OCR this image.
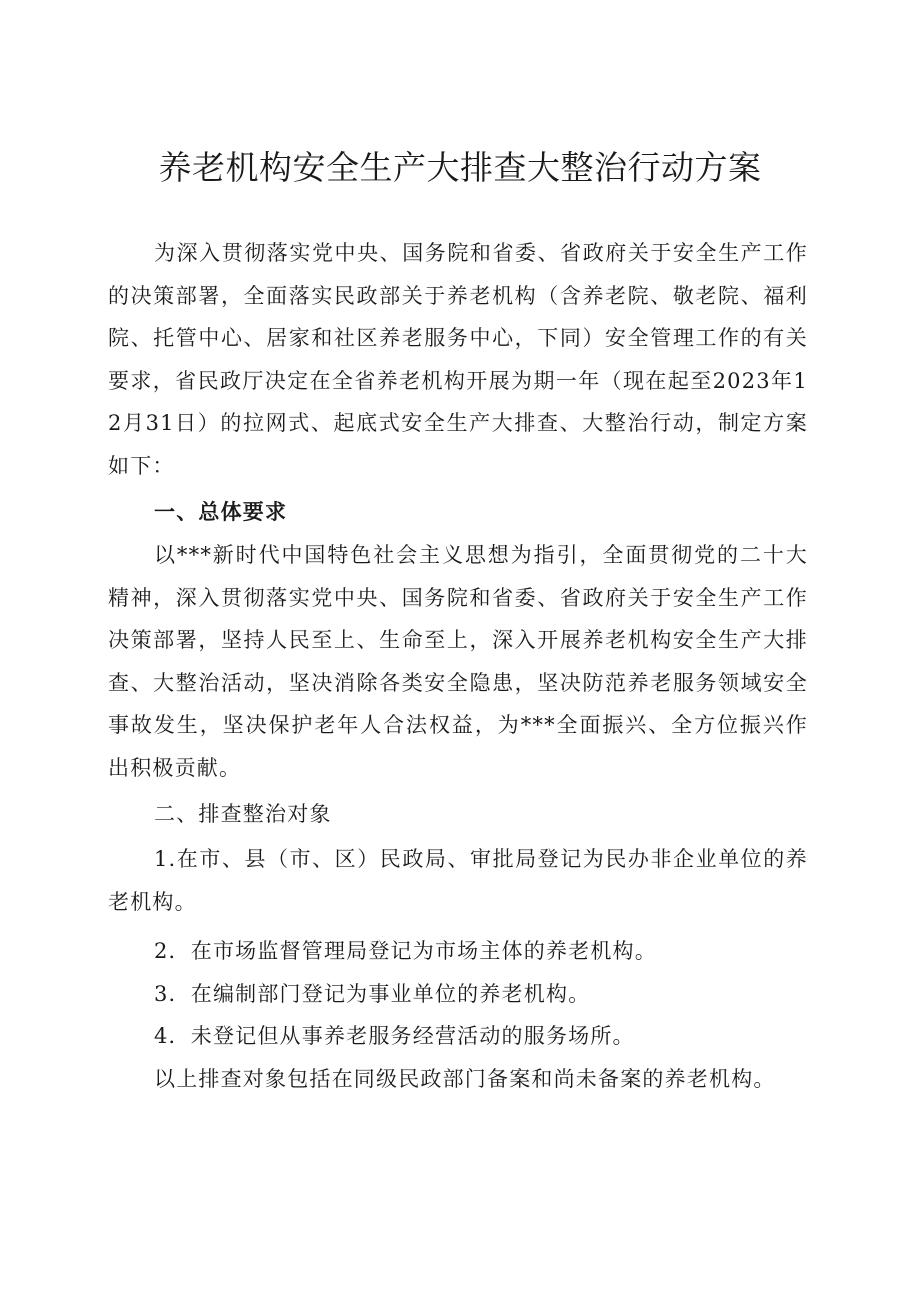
养老机构安全生产大排查大整治行动方案

为深入贯彻落实党中央、国务院和省委、省政府关于安全生产工作的决策部署，全面落实民政部关于养老机构（含养老院、敬老院、福利院、托管中心、居家和社区养老服务中心，下同）安全管理工作的有关要求，省民政厅决定在全省养老机构开展为期一年（现在起至2023年12月31日）的拉网式、起底式安全生产大排查、大整治行动，制定方案如下：

一、总体要求

以***新时代中国特色社会主义思想为指引，全面贯彻党的二十大精神，深入贯彻落实党中央、国务院和省委、省政府关于安全生产工作决策部署，坚持人民至上、生命至上，深入开展养老机构安全生产大排查、大整治活动，坚决消除各类安全隐患，坚决防范养老服务领域安全事故发生，坚决保护老年人合法权益，为***全面振兴、全方位振兴作出积极贡献。

二、排查整治对象

1.在市、县（市、区）民政局、审批局登记为民办非企业单位的养老机构。

2．在市场监督管理局登记为市场主体的养老机构。

3．在编制部门登记为事业单位的养老机构。

4．未登记但从事养老服务经营活动的服务场所。

以上排查对象包括在同级民政部门备案和尚未备案的养老机构。
